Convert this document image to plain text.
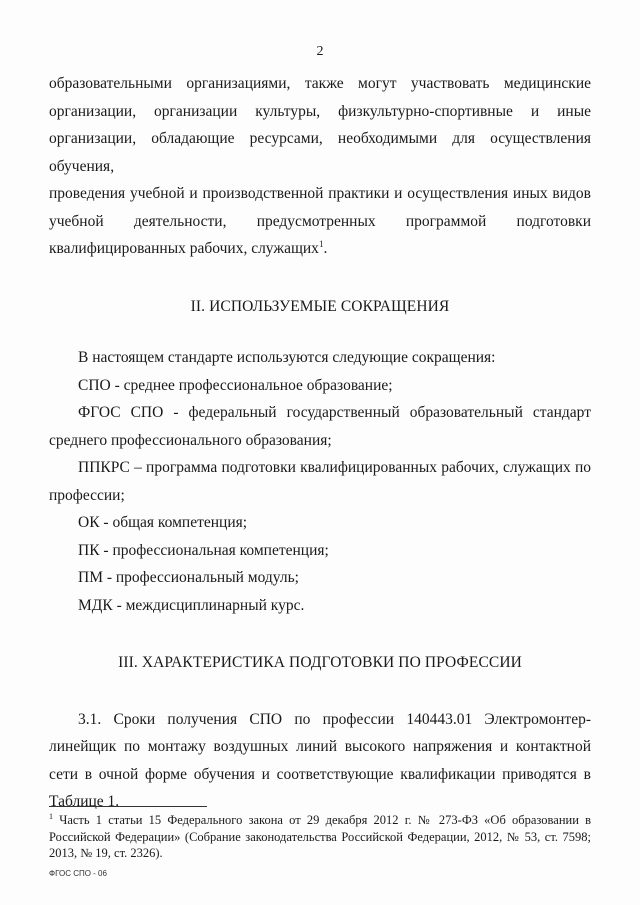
2

образовательными организациями, также могут участвовать медицинские

организации, организации культуры, физкультурно-спортивные и иные

организации, обладающие ресурсами, необходимыми для осуществления обучения,

проведения учебной и производственной практики и осуществления иных видов

учебной деятельности, предусмотренных программой подготовки

квалифицированных рабочих, служащих$^1$.

II. ИСПОЛЬЗУЕМЫЕ СОКРАЩЕНИЯ

В настоящем стандарте используются следующие сокращения:

СПО - среднее профессиональное образование;

ФГОС СПО - федеральный государственный образовательный стандарт среднего профессионального образования;

ППКРС – программа подготовки квалифицированных рабочих, служащих по профессии;

ОК - общая компетенция;

ПК - профессиональная компетенция;

ПМ - профессиональный модуль;

МДК - междисциплинарный курс.

III. ХАРАКТЕРИСТИКА ПОДГОТОВКИ ПО ПРОФЕССИИ

3.1. Сроки получения СПО по профессии 140443.01 Электромонтер-линейщик по монтажу воздушных линий высокого напряжения и контактной сети в очной форме обучения и соответствующие квалификации приводятся в Таблице 1.

$^1$ Часть 1 статьи 15 Федерального закона от 29 декабря 2012 г. № 273-ФЗ «Об образовании в Российской Федерации» (Собрание законодательства Российской Федерации, 2012, № 53, ст. 7598; 2013, № 19, ст. 2326).
ФГОС СПО - 06
